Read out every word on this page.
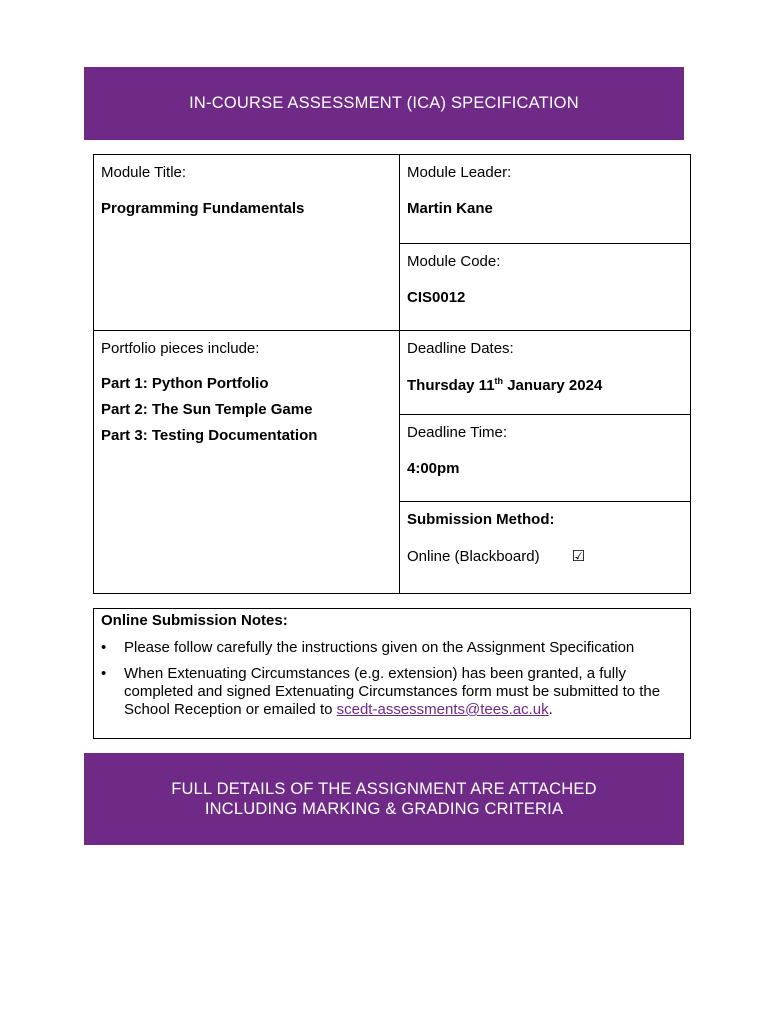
IN-COURSE ASSESSMENT (ICA) SPECIFICATION
Module Title:
Programming Fundamentals
Module Leader:
Martin Kane
Module Code:
CIS0012
Portfolio pieces include:
Part 1: Python Portfolio
Part 2: The Sun Temple Game
Part 3: Testing Documentation
Deadline Dates:
Thursday 11th January 2024
Deadline Time:
4:00pm
Submission Method:
Online (Blackboard) ☑
Online Submission Notes:
• Please follow carefully the instructions given on the Assignment Specification
• When Extenuating Circumstances (e.g. extension) has been granted, a fully completed and signed Extenuating Circumstances form must be submitted to the School Reception or emailed to scedt-assessments@tees.ac.uk.
FULL DETAILS OF THE ASSIGNMENT ARE ATTACHED
INCLUDING MARKING & GRADING CRITERIA
